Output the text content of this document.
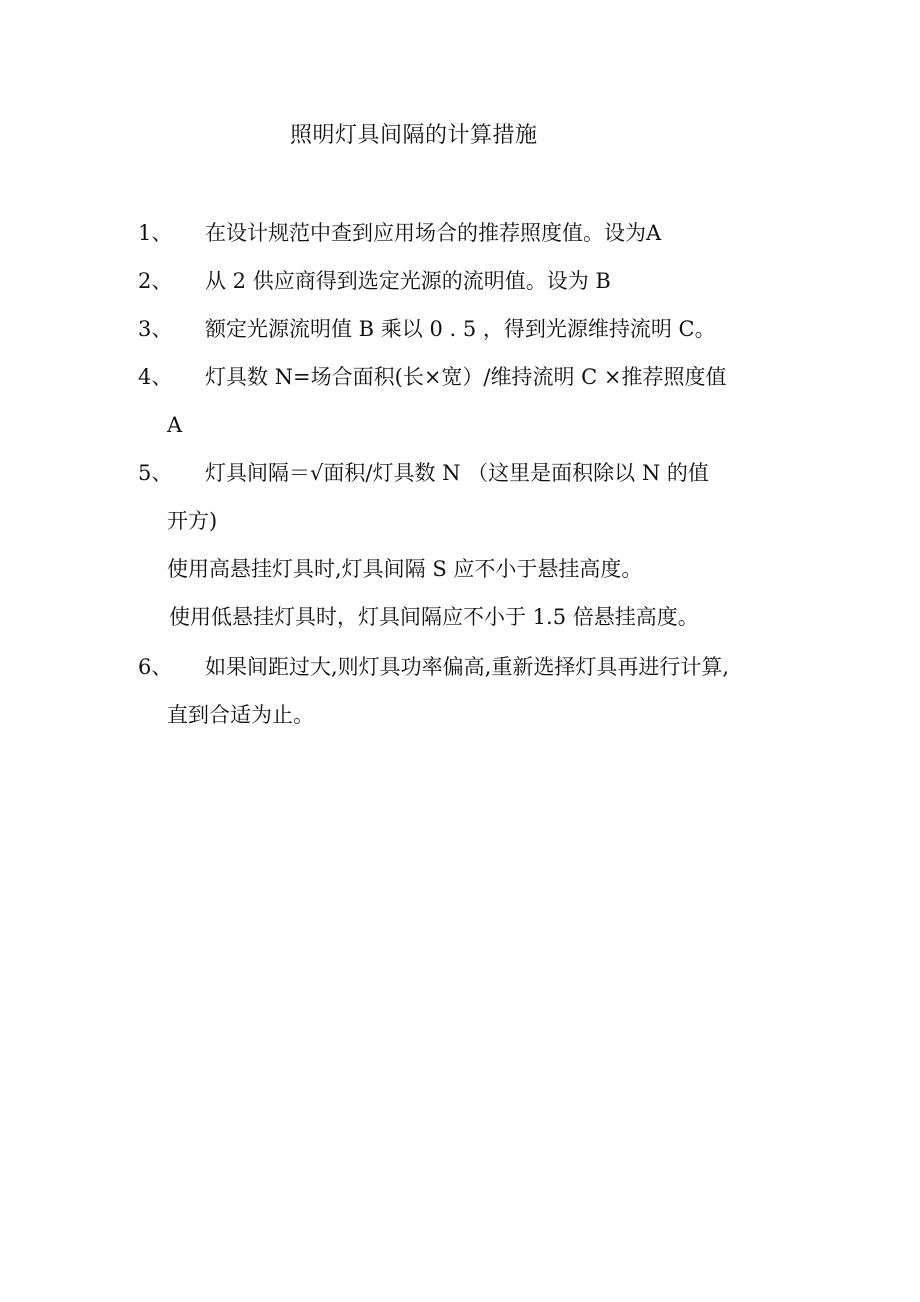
照明灯具间隔的计算措施
1、 在设计规范中查到应用场合的推荐照度值。设为A
2、 从 2 供应商得到选定光源的流明值。设为 B
3、 额定光源流明值 B 乘以 0 . 5 ，得到光源维持流明 C。
4、 灯具数 N=场合面积(长×宽）/维持流明 C ×推荐照度值
A
5、 灯具间隔＝√面积/灯具数 N （这里是面积除以 N 的值
开方)
使用高悬挂灯具时,灯具间隔 S 应不小于悬挂高度。
使用低悬挂灯具时，灯具间隔应不小于 1.5 倍悬挂高度。
6、 如果间距过大,则灯具功率偏高,重新选择灯具再进行计算,
直到合适为止。
